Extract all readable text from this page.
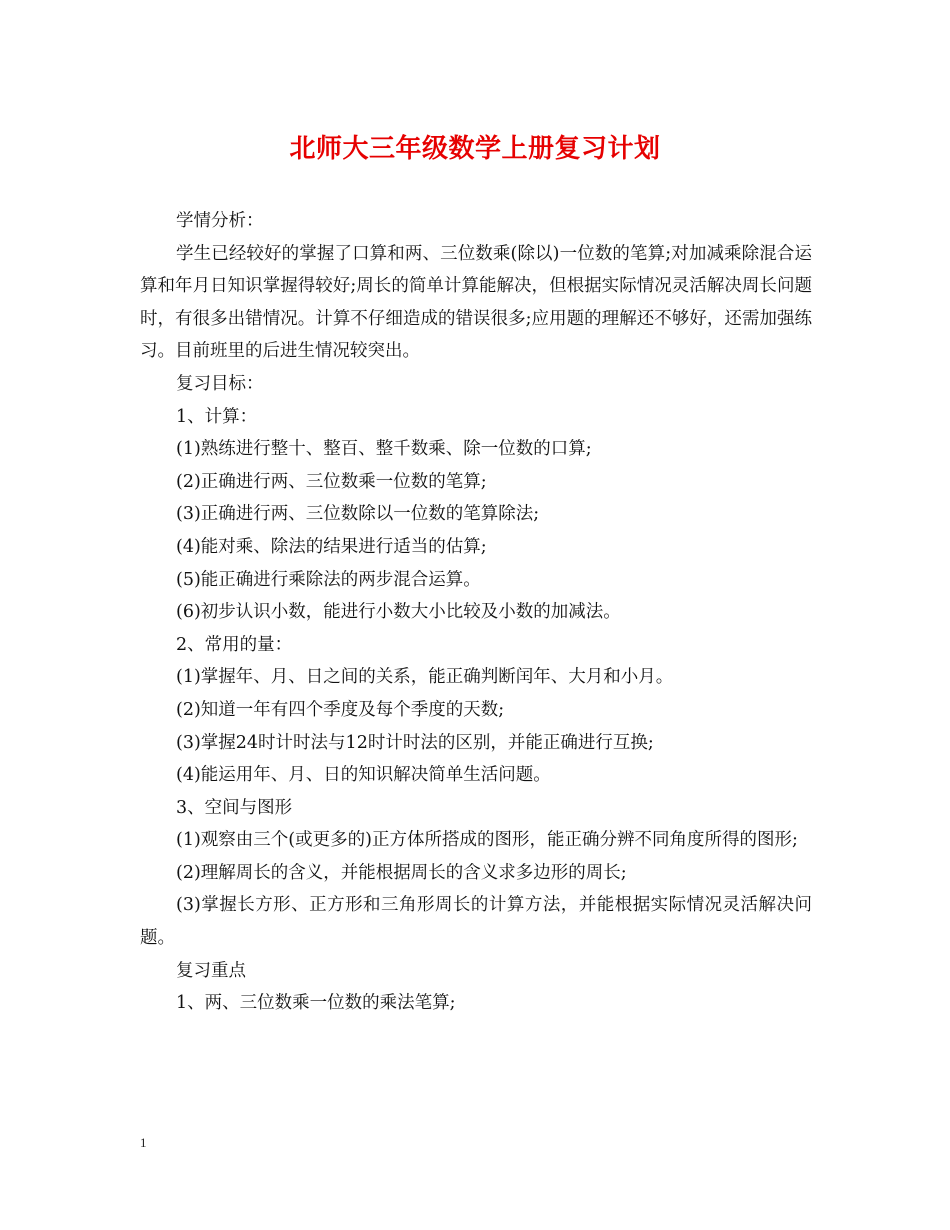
北师大三年级数学上册复习计划

学情分析：

学生已经较好的掌握了口算和两、三位数乘(除以)一位数的笔算;对加减乘除混合运算和年月日知识掌握得较好;周长的简单计算能解决，但根据实际情况灵活解决周长问题时，有很多出错情况。计算不仔细造成的错误很多;应用题的理解还不够好，还需加强练习。目前班里的后进生情况较突出。

复习目标：

1、计算：

(1)熟练进行整十、整百、整千数乘、除一位数的口算;

(2)正确进行两、三位数乘一位数的笔算;

(3)正确进行两、三位数除以一位数的笔算除法;

(4)能对乘、除法的结果进行适当的估算;

(5)能正确进行乘除法的两步混合运算。

(6)初步认识小数，能进行小数大小比较及小数的加减法。

2、常用的量：

(1)掌握年、月、日之间的关系，能正确判断闰年、大月和小月。

(2)知道一年有四个季度及每个季度的天数;

(3)掌握24时计时法与12时计时法的区别，并能正确进行互换;

(4)能运用年、月、日的知识解决简单生活问题。

3、空间与图形

(1)观察由三个(或更多的)正方体所搭成的图形，能正确分辨不同角度所得的图形;

(2)理解周长的含义，并能根据周长的含义求多边形的周长;

(3)掌握长方形、正方形和三角形周长的计算方法，并能根据实际情况灵活解决问题。

复习重点

1、两、三位数乘一位数的乘法笔算;

1
